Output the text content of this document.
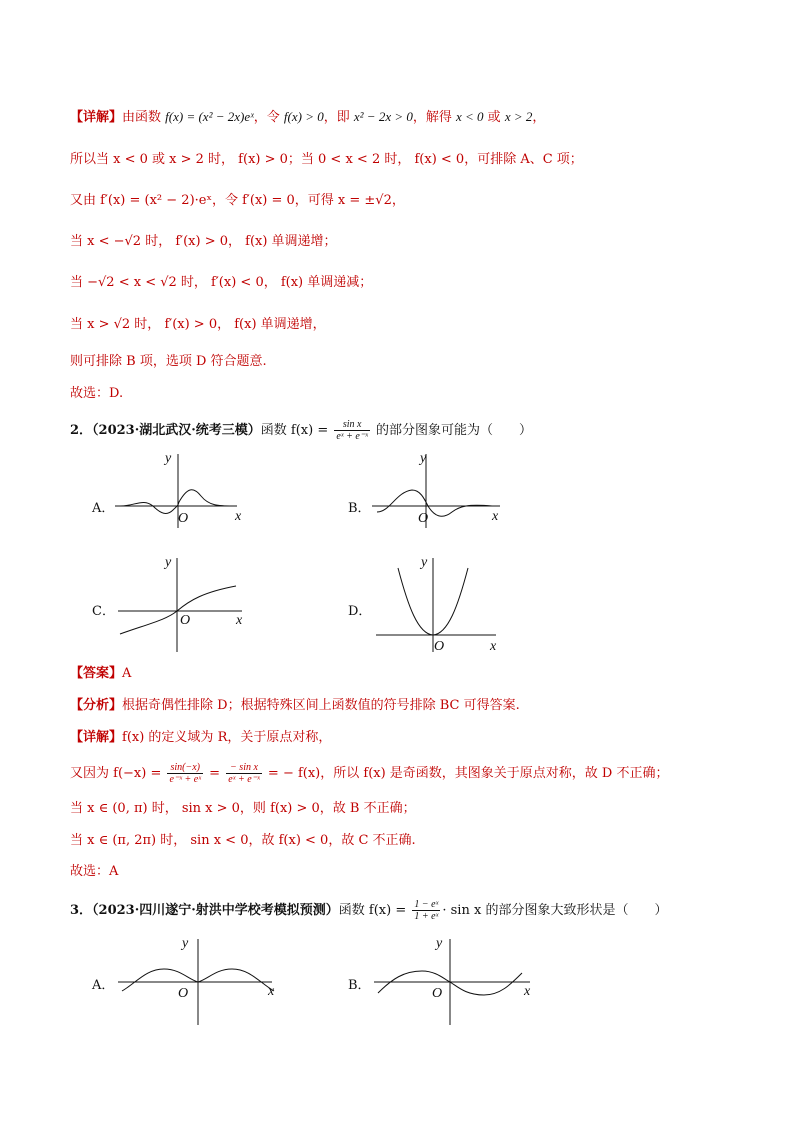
【详解】由函数 f(x) = (x² − 2x)eˣ，令 f(x) > 0，即 x² − 2x > 0，解得 x < 0 或 x > 2，
所以当 x < 0 或 x > 2 时， f(x) > 0；当 0 < x < 2 时， f(x) < 0，可排除 A、C 项；
又由 f′(x) = (x² − 2)·eˣ，令 f′(x) = 0，可得 x = ±√2，
当 x < −√2 时， f′(x) > 0， f(x) 单调递增；
当 −√2 < x < √2 时， f′(x) < 0， f(x) 单调递减；
当 x > √2 时， f′(x) > 0， f(x) 单调递增，
则可排除 B 项，选项 D 符合题意.
故选：D.
2．（2023·湖北武汉·统考三模）函数 $f(x) = \frac{\text{sin x}}{\text{eˣ + e⁻ˣ}}$ 的部分图象可能为（　　）
A．
x
y
O
B．
x
y
O
C．
x
y
O
D．
x
y
O
【答案】A
【分析】根据奇偶性排除 D；根据特殊区间上函数值的符号排除 BC 可得答案.
【详解】f(x) 的定义域为 R，关于原点对称，
又因为 $f(-x) = \frac{\sin(-x)}{\text{e⁻ˣ + eˣ}} = \frac{\text{− sin x}}{\text{eˣ + e⁻ˣ}}$ = − f(x)，所以 f(x) 是奇函数，其图象关于原点对称，故 D 不正确；
当 x ∈ (0, π) 时， sin x > 0，则 f(x) > 0，故 B 不正确；
当 x ∈ (π, 2π) 时， sin x < 0，故 f(x) < 0，故 C 不正确.
故选：A
3．（2023·四川遂宁·射洪中学校考模拟预测）函数 $f(x) = \frac{\text{1 − eˣ}}{\text{1 + eˣ}} \cdot \sin x$ 的部分图象大致形状是（　　）
A．	x
y
O
B．	x
y
O
